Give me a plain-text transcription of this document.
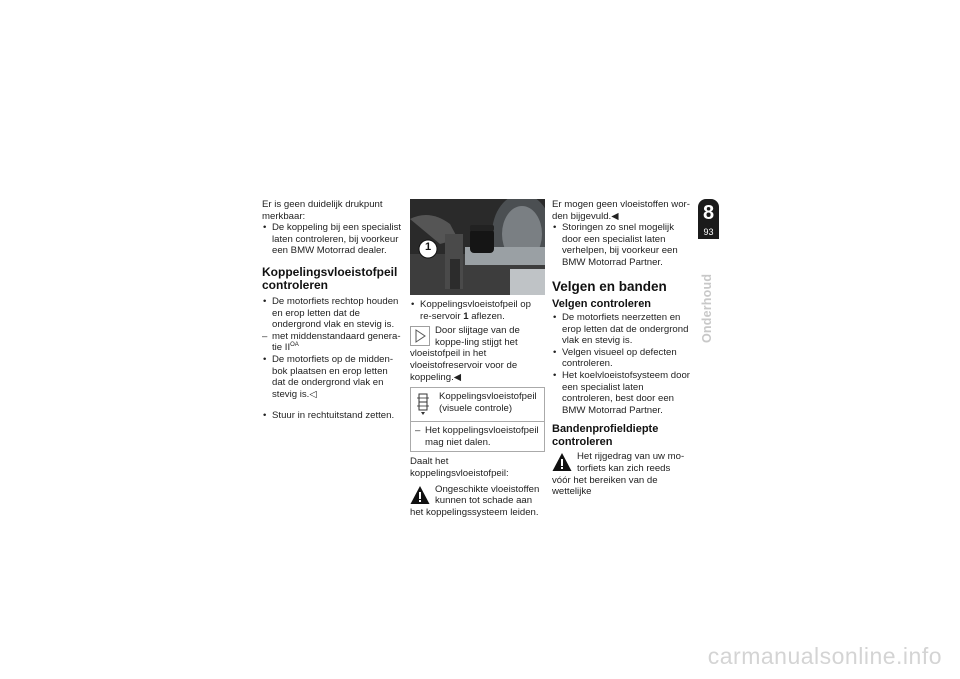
Er is geen duidelijk drukpunt merkbaar:

• De koppeling bij een specialist laten controleren, bij voorkeur een BMW Motorrad dealer.

Koppelingsvloeistofpeil controleren

• De motorfiets rechtop houden en erop letten dat de ondergrond vlak en stevig is.

– met middenstandaard genera-tie $II^{OA}$

• De motorfiets op de midden-bok plaatsen en erop letten dat de ondergrond vlak en stevig is.◁

• Stuur in rechtuitstand zetten.

1

• Koppelingsvloeistofpeil op re-servoir 1 aflezen.

Door slijtage van de koppe-ling stijgt het vloeistofpeil in het vloeistofreservoir voor de koppeling.◀
Koppelingsvloeistofpeil (visuele controle)

– Het koppelingsvloeistofpeil mag niet dalen.

Daalt het koppelingsvloeistofpeil:

Ongeschikte vloeistoffen kunnen tot schade aan het koppelingssysteem leiden.

Er mogen geen vloeistoffen wor-den bijgevuld.◀

• Storingen zo snel mogelijk door een specialist laten verhelpen, bij voorkeur een BMW Motorrad Partner.

Velgen en banden
Velgen controleren

• De motorfiets neerzetten en erop letten dat de ondergrond vlak en stevig is.

• Velgen visueel op defecten controleren.

• Het koelvloeistofsysteem door een specialist laten controleren, best door een BMW Motorrad Partner.

Bandenprofieldiepte controleren
Het rijgedrag van uw mo-torfiets kan zich reeds vóór het bereiken van de wettelijke
8
93
Onderhoud
carmanualsonline.info
